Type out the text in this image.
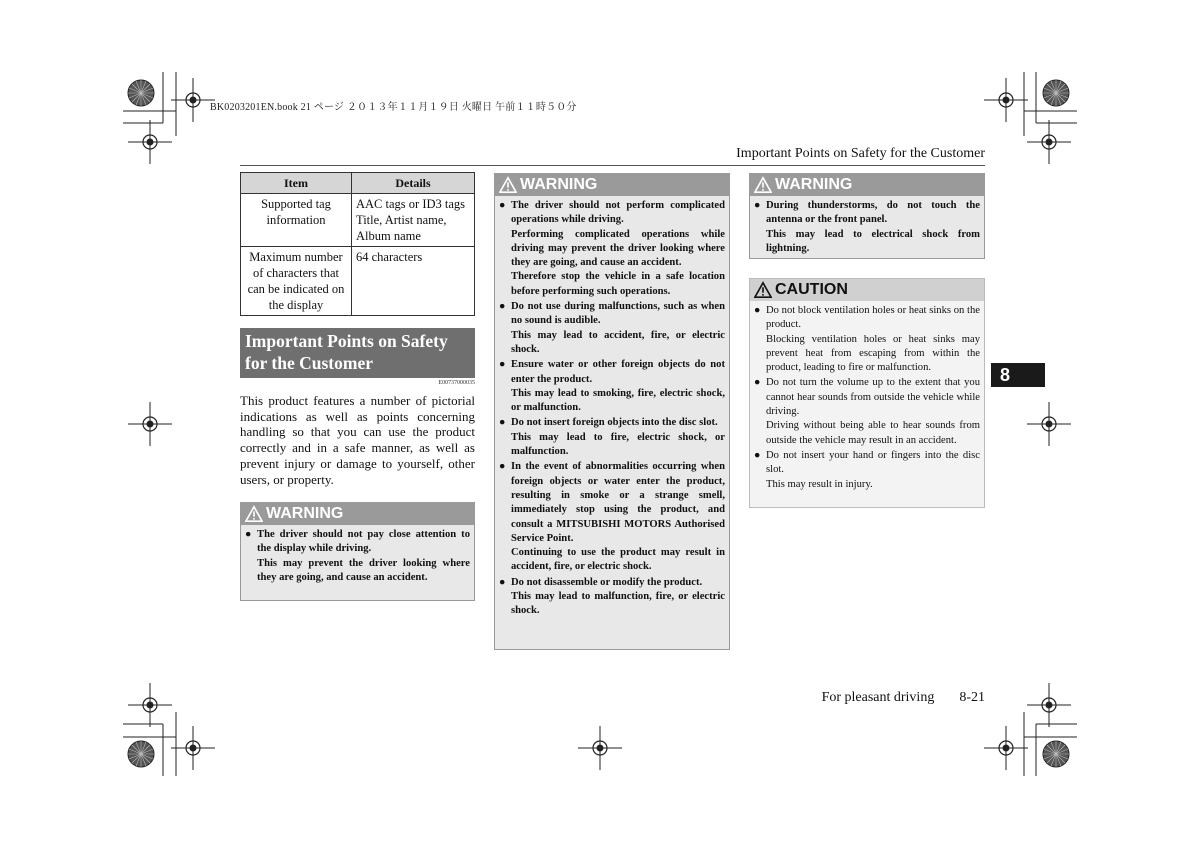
BK0203201EN.book 21 ページ ２０１３年１１月１９日 火曜日 午前１１時５０分
Important Points on Safety for the Customer
Item	Details
Supported tag information	AAC tags or ID3 tags Title, Artist name, Album name
Maximum number of characters that can be indicated on the display	64 characters
Important Points on Safety for the Customer
E00737000035
This product features a number of pictorial indications as well as points concerning handling so that you can use the product correctly and in a safe manner, as well as prevent injury or damage to yourself, other users, or property.
WARNING
● The driver should not pay close attention to the display while driving.
This may prevent the driver looking where they are going, and cause an accident.
WARNING
● The driver should not perform complicated operations while driving.
Performing complicated operations while driving may prevent the driver looking where they are going, and cause an accident.
Therefore stop the vehicle in a safe location before performing such operations.
● Do not use during malfunctions, such as when no sound is audible.
This may lead to accident, fire, or electric shock.
● Ensure water or other foreign objects do not enter the product.
This may lead to smoking, fire, electric shock, or malfunction.
● Do not insert foreign objects into the disc slot.
This may lead to fire, electric shock, or malfunction.
● In the event of abnormalities occurring when foreign objects or water enter the product, resulting in smoke or a strange smell, immediately stop using the product, and consult a MITSUBISHI MOTORS Authorised Service Point.
Continuing to use the product may result in accident, fire, or electric shock.
● Do not disassemble or modify the product.
This may lead to malfunction, fire, or electric shock.
WARNING
● During thunderstorms, do not touch the antenna or the front panel.
This may lead to electrical shock from lightning.
CAUTION
● Do not block ventilation holes or heat sinks on the product.
Blocking ventilation holes or heat sinks may prevent heat from escaping from within the product, leading to fire or malfunction.
● Do not turn the volume up to the extent that you cannot hear sounds from outside the vehicle while driving.
Driving without being able to hear sounds from outside the vehicle may result in an accident.
● Do not insert your hand or fingers into the disc slot.
This may result in injury.
8
For pleasant driving 8-21
